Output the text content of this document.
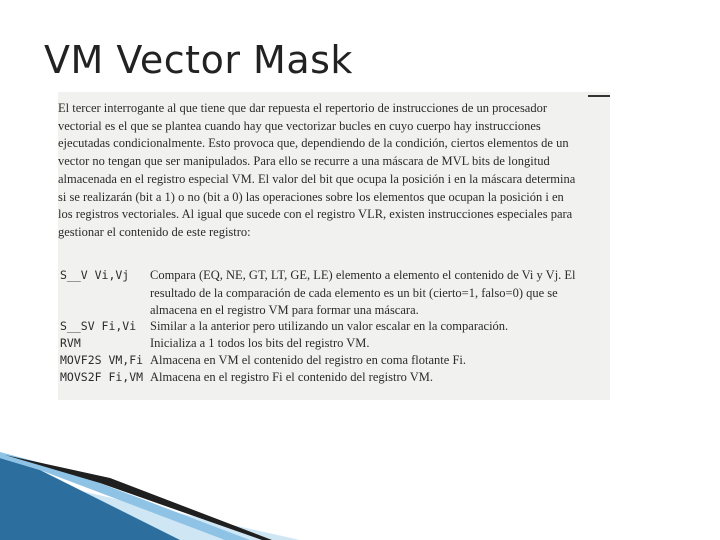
VM Vector Mask
El tercer interrogante al que tiene que dar repuesta el repertorio de instrucciones de un procesador
vectorial es el que se plantea cuando hay que vectorizar bucles en cuyo cuerpo hay instrucciones
ejecutadas condicionalmente. Esto provoca que, dependiendo de la condición, ciertos elementos de un
vector no tengan que ser manipulados. Para ello se recurre a una máscara de MVL bits de longitud
almacenada en el registro especial VM. El valor del bit que ocupa la posición i en la máscara determina
si se realizarán (bit a 1) o no (bit a 0) las operaciones sobre los elementos que ocupan la posición i en
los registros vectoriales. Al igual que sucede con el registro VLR, existen instrucciones especiales para
gestionar el contenido de este registro:
S__V Vi,Vj Compara (EQ, NE, GT, LT, GE, LE) elemento a elemento el contenido de Vi y Vj. El
resultado de la comparación de cada elemento es un bit (cierto=1, falso=0) que se
almacena en el registro VM para formar una máscara.
S__SV Fi,Vi Similar a la anterior pero utilizando un valor escalar en la comparación.
RVM	Inicializa a 1 todos los bits del registro VM.
MOVF2S VM,Fi Almacena en VM el contenido del registro en coma flotante Fi.
MOVS2F Fi,VM Almacena en el registro Fi el contenido del registro VM.
